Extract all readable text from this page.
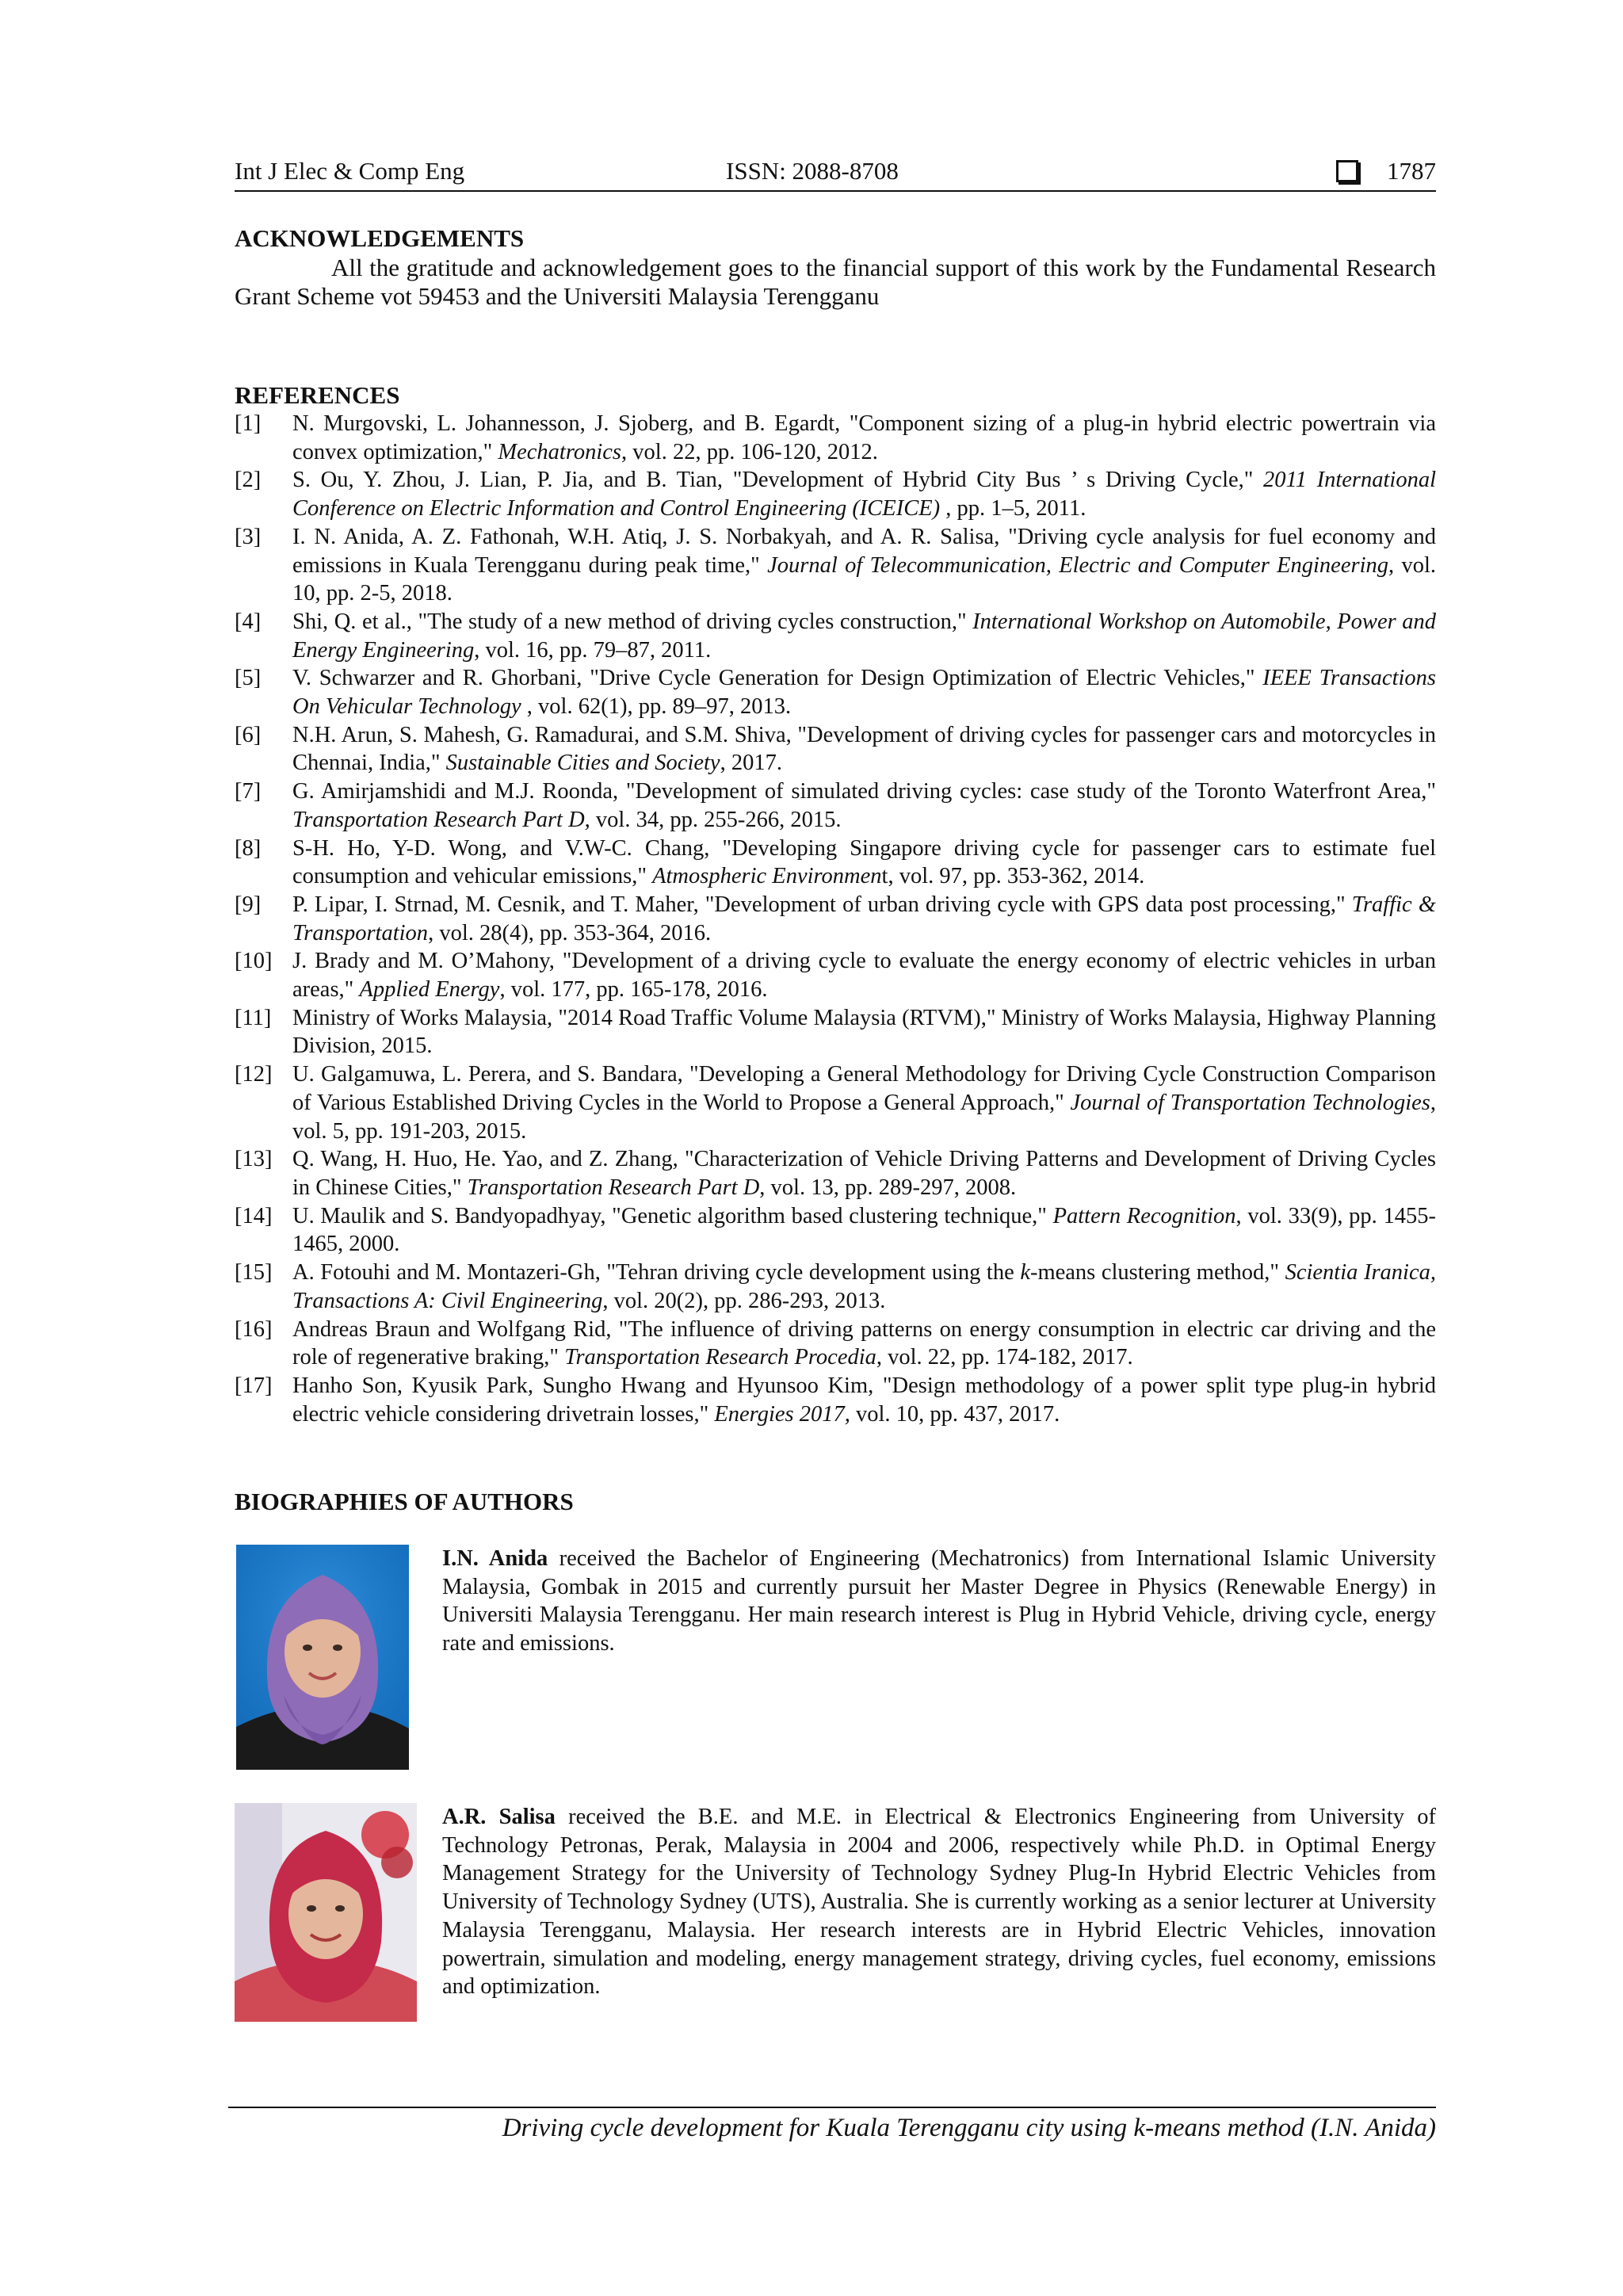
Int J Elec & Comp Eng	ISSN: 2088-8708	1787
ACKNOWLEDGEMENTS
All the gratitude and acknowledgement goes to the financial support of this work by the Fundamental Research Grant Scheme vot 59453 and the Universiti Malaysia Terengganu
REFERENCES
[1]	N. Murgovski, L. Johannesson, J. Sjoberg, and B. Egardt, "Component sizing of a plug-in hybrid electric powertrain via convex optimization," Mechatronics, vol. 22, pp. 106-120, 2012.
[2]	S. Ou, Y. Zhou, J. Lian, P. Jia, and B. Tian, "Development of Hybrid City Bus ’ s Driving Cycle," 2011 International Conference on Electric Information and Control Engineering (ICEICE) , pp. 1–5, 2011.
[3]	I. N. Anida, A. Z. Fathonah, W.H. Atiq, J. S. Norbakyah, and A. R. Salisa, "Driving cycle analysis for fuel economy and emissions in Kuala Terengganu during peak time," Journal of Telecommunication, Electric and Computer Engineering, vol. 10, pp. 2-5, 2018.
[4]	Shi, Q. et al., "The study of a new method of driving cycles construction," International Workshop on Automobile, Power and Energy Engineering, vol. 16, pp. 79–87, 2011.
[5]	V. Schwarzer and R. Ghorbani, "Drive Cycle Generation for Design Optimization of Electric Vehicles," IEEE Transactions On Vehicular Technology , vol. 62(1), pp. 89–97, 2013.
[6]	N.H. Arun, S. Mahesh, G. Ramadurai, and S.M. Shiva, "Development of driving cycles for passenger cars and motorcycles in Chennai, India," Sustainable Cities and Society, 2017.
[7]	G. Amirjamshidi and M.J. Roonda, "Development of simulated driving cycles: case study of the Toronto Waterfront Area," Transportation Research Part D, vol. 34, pp. 255-266, 2015.
[8]	S-H. Ho, Y-D. Wong, and V.W-C. Chang, "Developing Singapore driving cycle for passenger cars to estimate fuel consumption and vehicular emissions," Atmospheric Environment, vol. 97, pp. 353-362, 2014.
[9]	P. Lipar, I. Strnad, M. Cesnik, and T. Maher, "Development of urban driving cycle with GPS data post processing," Traffic & Transportation, vol. 28(4), pp. 353-364, 2016.
[10] J. Brady and M. O’Mahony, "Development of a driving cycle to evaluate the energy economy of electric vehicles in urban areas," Applied Energy, vol. 177, pp. 165-178, 2016.
[11] Ministry of Works Malaysia, "2014 Road Traffic Volume Malaysia (RTVM)," Ministry of Works Malaysia, Highway Planning Division, 2015.
[12] U. Galgamuwa, L. Perera, and S. Bandara, "Developing a General Methodology for Driving Cycle Construction Comparison of Various Established Driving Cycles in the World to Propose a General Approach," Journal of Transportation Technologies, vol. 5, pp. 191-203, 2015.
[13] Q. Wang, H. Huo, He. Yao, and Z. Zhang, "Characterization of Vehicle Driving Patterns and Development of Driving Cycles in Chinese Cities," Transportation Research Part D, vol. 13, pp. 289-297, 2008.
[14] U. Maulik and S. Bandyopadhyay, "Genetic algorithm based clustering technique," Pattern Recognition, vol. 33(9), pp. 1455-1465, 2000.
[15] A. Fotouhi and M. Montazeri-Gh, "Tehran driving cycle development using the k-means clustering method," Scientia Iranica, Transactions A: Civil Engineering, vol. 20(2), pp. 286-293, 2013.
[16] Andreas Braun and Wolfgang Rid, "The influence of driving patterns on energy consumption in electric car driving and the role of regenerative braking," Transportation Research Procedia, vol. 22, pp. 174-182, 2017.
[17] Hanho Son, Kyusik Park, Sungho Hwang and Hyunsoo Kim, "Design methodology of a power split type plug-in hybrid electric vehicle considering drivetrain losses," Energies 2017, vol. 10, pp. 437, 2017.
BIOGRAPHIES OF AUTHORS
I.N. Anida received the Bachelor of Engineering (Mechatronics) from International Islamic University Malaysia, Gombak in 2015 and currently pursuit her Master Degree in Physics (Renewable Energy) in Universiti Malaysia Terengganu. Her main research interest is Plug in Hybrid Vehicle, driving cycle, energy rate and emissions.
A.R. Salisa received the B.E. and M.E. in Electrical & Electronics Engineering from University of Technology Petronas, Perak, Malaysia in 2004 and 2006, respectively while Ph.D. in Optimal Energy Management Strategy for the University of Technology Sydney Plug-In Hybrid Electric Vehicles from University of Technology Sydney (UTS), Australia. She is currently working as a senior lecturer at University Malaysia Terengganu, Malaysia. Her research interests are in Hybrid Electric Vehicles, innovation powertrain, simulation and modeling, energy management strategy, driving cycles, fuel economy, emissions and optimization.
Driving cycle development for Kuala Terengganu city using k-means method (I.N. Anida)
